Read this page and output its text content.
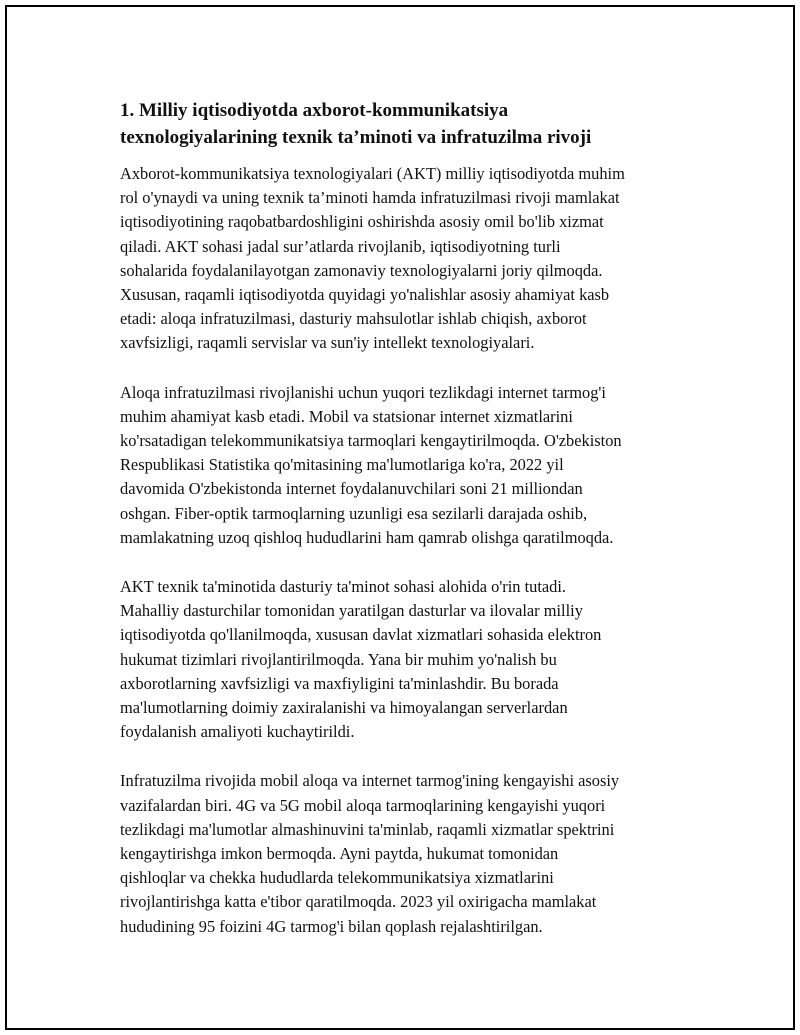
1. Milliy iqtisodiyotda axborot-kommunikatsiya
texnologiyalarining texnik ta’minoti va infratuzilma rivoji
Axborot-kommunikatsiya texnologiyalari (AKT) milliy iqtisodiyotda muhim
rol o'ynaydi va uning texnik ta’minoti hamda infratuzilmasi rivoji mamlakat
iqtisodiyotining raqobatbardoshligini oshirishda asosiy omil bo'lib xizmat
qiladi. AKT sohasi jadal sur’atlarda rivojlanib, iqtisodiyotning turli
sohalarida foydalanilayotgan zamonaviy texnologiyalarni joriy qilmoqda.
Xususan, raqamli iqtisodiyotda quyidagi yo'nalishlar asosiy ahamiyat kasb
etadi: aloqa infratuzilmasi, dasturiy mahsulotlar ishlab chiqish, axborot
xavfsizligi, raqamli servislar va sun'iy intellekt texnologiyalari.
Aloqa infratuzilmasi rivojlanishi uchun yuqori tezlikdagi internet tarmog'i
muhim ahamiyat kasb etadi. Mobil va statsionar internet xizmatlarini
ko'rsatadigan telekommunikatsiya tarmoqlari kengaytirilmoqda. O'zbekiston
Respublikasi Statistika qo'mitasining ma'lumotlariga ko'ra, 2022 yil
davomida O'zbekistonda internet foydalanuvchilari soni 21 milliondan
oshgan. Fiber-optik tarmoqlarning uzunligi esa sezilarli darajada oshib,
mamlakatning uzoq qishloq hududlarini ham qamrab olishga qaratilmoqda.
AKT texnik ta'minotida dasturiy ta'minot sohasi alohida o'rin tutadi.
Mahalliy dasturchilar tomonidan yaratilgan dasturlar va ilovalar milliy
iqtisodiyotda qo'llanilmoqda, xususan davlat xizmatlari sohasida elektron
hukumat tizimlari rivojlantirilmoqda. Yana bir muhim yo'nalish bu
axborotlarning xavfsizligi va maxfiyligini ta'minlashdir. Bu borada
ma'lumotlarning doimiy zaxiralanishi va himoyalangan serverlardan
foydalanish amaliyoti kuchaytirildi.
Infratuzilma rivojida mobil aloqa va internet tarmog'ining kengayishi asosiy
vazifalardan biri. 4G va 5G mobil aloqa tarmoqlarining kengayishi yuqori
tezlikdagi ma'lumotlar almashinuvini ta'minlab, raqamli xizmatlar spektrini
kengaytirishga imkon bermoqda. Ayni paytda, hukumat tomonidan
qishloqlar va chekka hududlarda telekommunikatsiya xizmatlarini
rivojlantirishga katta e'tibor qaratilmoqda. 2023 yil oxirigacha mamlakat
hududining 95 foizini 4G tarmog'i bilan qoplash rejalashtirilgan.
